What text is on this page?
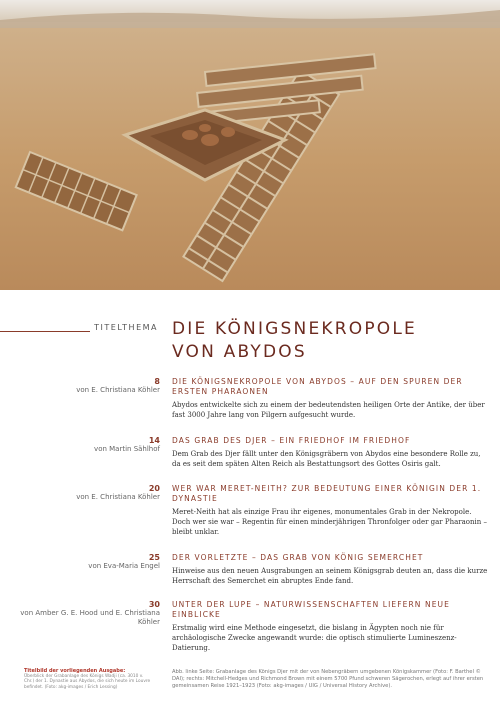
TITELTHEMA DIE KÖNIGSNEKROPOLE
VON ABYDOS
8
von E. Christiana Köhler
DIE KÖNIGSNEKROPOLE VON ABYDOS – AUF DEN SPUREN DER ERSTEN PHARAONEN
Abydos entwickelte sich zu einem der bedeutendsten heiligen Orte der Antike, der über fast 3000 Jahre lang von Pilgern aufgesucht wurde.
14
von Martin Sählhof
DAS GRAB DES DJER – EIN FRIEDHOF IM FRIEDHOF
Dem Grab des Djer fällt unter den Königsgräbern von Abydos eine besondere Rolle zu, da es seit dem späten Alten Reich als Bestattungsort des Gottes Osiris galt.
20
von E. Christiana Köhler
WER WAR MERET-NEITH? ZUR BEDEUTUNG EINER KÖNIGIN DER 1. DYNASTIE
Meret-Neith hat als einzige Frau ihr eigenes, monumentales Grab in der Nekropole. Doch wer sie war – Regentin für einen minderjährigen Thronfolger oder gar Pharaonin – bleibt unklar.
25
von Eva-Maria Engel
DER VORLETZTE – DAS GRAB VON KÖNIG SEMERCHET
Hinweise aus den neuen Ausgrabungen an seinem Königsgrab deuten an, dass die kurze Herrschaft des Semerchet ein abruptes Ende fand.
30
von Amber G. E. Hood und E. Christiana Köhler
UNTER DER LUPE – NATURWISSENSCHAFTEN LIEFERN NEUE EINBLICKE
Erstmalig wird eine Methode eingesetzt, die bislang in Ägypten noch nie für archäologische Zwecke angewandt wurde: die optisch stimulierte Lumineszenz-Datierung.
Titelbild der vorliegenden Ausgabe:
Überblick der Grabanlage des Königs Wadji (ca. 3010 v. Chr.) der 1. Dynastie aus Abydos, die sich heute im Louvre befindet. (Foto: akg-images / Erich Lessing)
Abb. linke Seite: Grabanlage des Königs Djer mit der von Nebengräbern umgebenen Königskammer (Foto: F. Barthel © DAI); rechts: Mitchell-Hedges und Richmond Brown mit einem 5700 Pfund schweren Sägerochen, erlegt auf ihrer ersten gemeinsamen Reise 1921–1923 (Foto: akg-images / UIG / Universal History Archive).
